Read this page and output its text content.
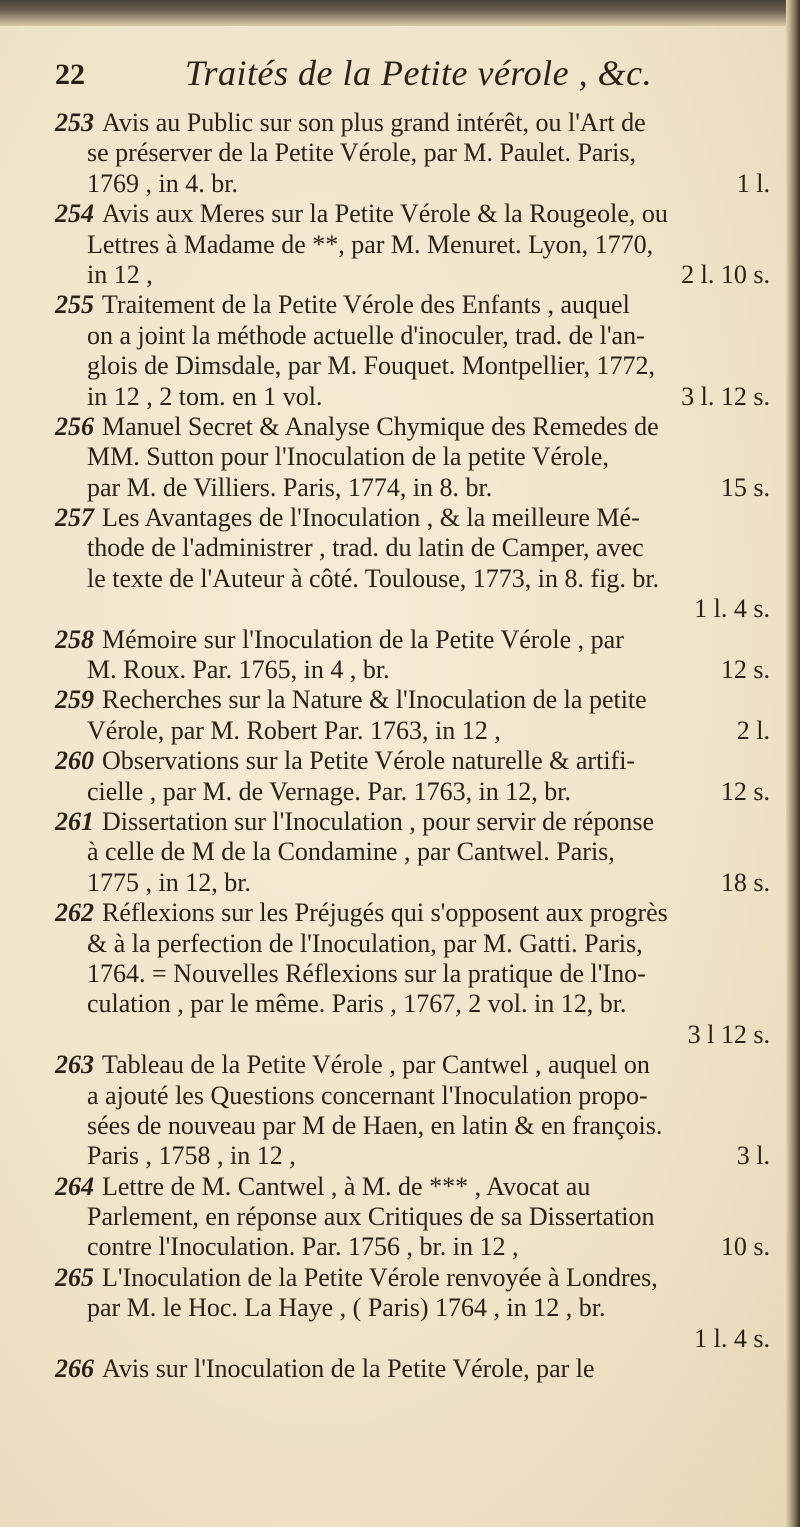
22	Traités de la Petite vérole , &c.
253 Avis au Public sur son plus grand intérêt, ou l'Art de
se préserver de la Petite Vérole, par M. Paulet. Paris,
1769 , in 4. br.	1 l.
254 Avis aux Meres sur la Petite Vérole & la Rougeole, ou
Lettres à Madame de **, par M. Menuret. Lyon, 1770,
in 12 ,	2 l. 10 s.
255 Traitement de la Petite Vérole des Enfants , auquel
on a joint la méthode actuelle d'inoculer, trad. de l'an-
glois de Dimsdale, par M. Fouquet. Montpellier, 1772,
in 12 , 2 tom. en 1 vol.	3 l. 12 s.
256 Manuel Secret & Analyse Chymique des Remedes de
MM. Sutton pour l'Inoculation de la petite Vérole,
par M. de Villiers. Paris, 1774, in 8. br.	15 s.
257 Les Avantages de l'Inoculation , & la meilleure Mé-
thode de l'administrer , trad. du latin de Camper, avec
le texte de l'Auteur à côté. Toulouse, 1773, in 8. fig. br.
1 l. 4 s.
258 Mémoire sur l'Inoculation de la Petite Vérole , par
M. Roux. Par. 1765, in 4 , br.	12 s.
259 Recherches sur la Nature & l'Inoculation de la petite
Vérole, par M. Robert Par. 1763, in 12 ,	2 l.
260 Observations sur la Petite Vérole naturelle & artifi-
cielle , par M. de Vernage. Par. 1763, in 12, br.	12 s.
261 Dissertation sur l'Inoculation , pour servir de réponse
à celle de M de la Condamine , par Cantwel. Paris,
1775 , in 12, br.	18 s.
262 Réflexions sur les Préjugés qui s'opposent aux progrès
& à la perfection de l'Inoculation, par M. Gatti. Paris,
1764. = Nouvelles Réflexions sur la pratique de l'Ino-
culation , par le même. Paris , 1767, 2 vol. in 12, br.
3 l 12 s.
263 Tableau de la Petite Vérole , par Cantwel , auquel on
a ajouté les Questions concernant l'Inoculation propo-
sées de nouveau par M de Haen, en latin & en françois.
Paris , 1758 , in 12 ,	3 l.
264 Lettre de M. Cantwel , à M. de *** , Avocat au
Parlement, en réponse aux Critiques de sa Dissertation
contre l'Inoculation. Par. 1756 , br. in 12 ,	10 s.
265 L'Inoculation de la Petite Vérole renvoyée à Londres,
par M. le Hoc. La Haye , ( Paris) 1764 , in 12 , br.
1 l. 4 s.
266 Avis sur l'Inoculation de la Petite Vérole, par le
